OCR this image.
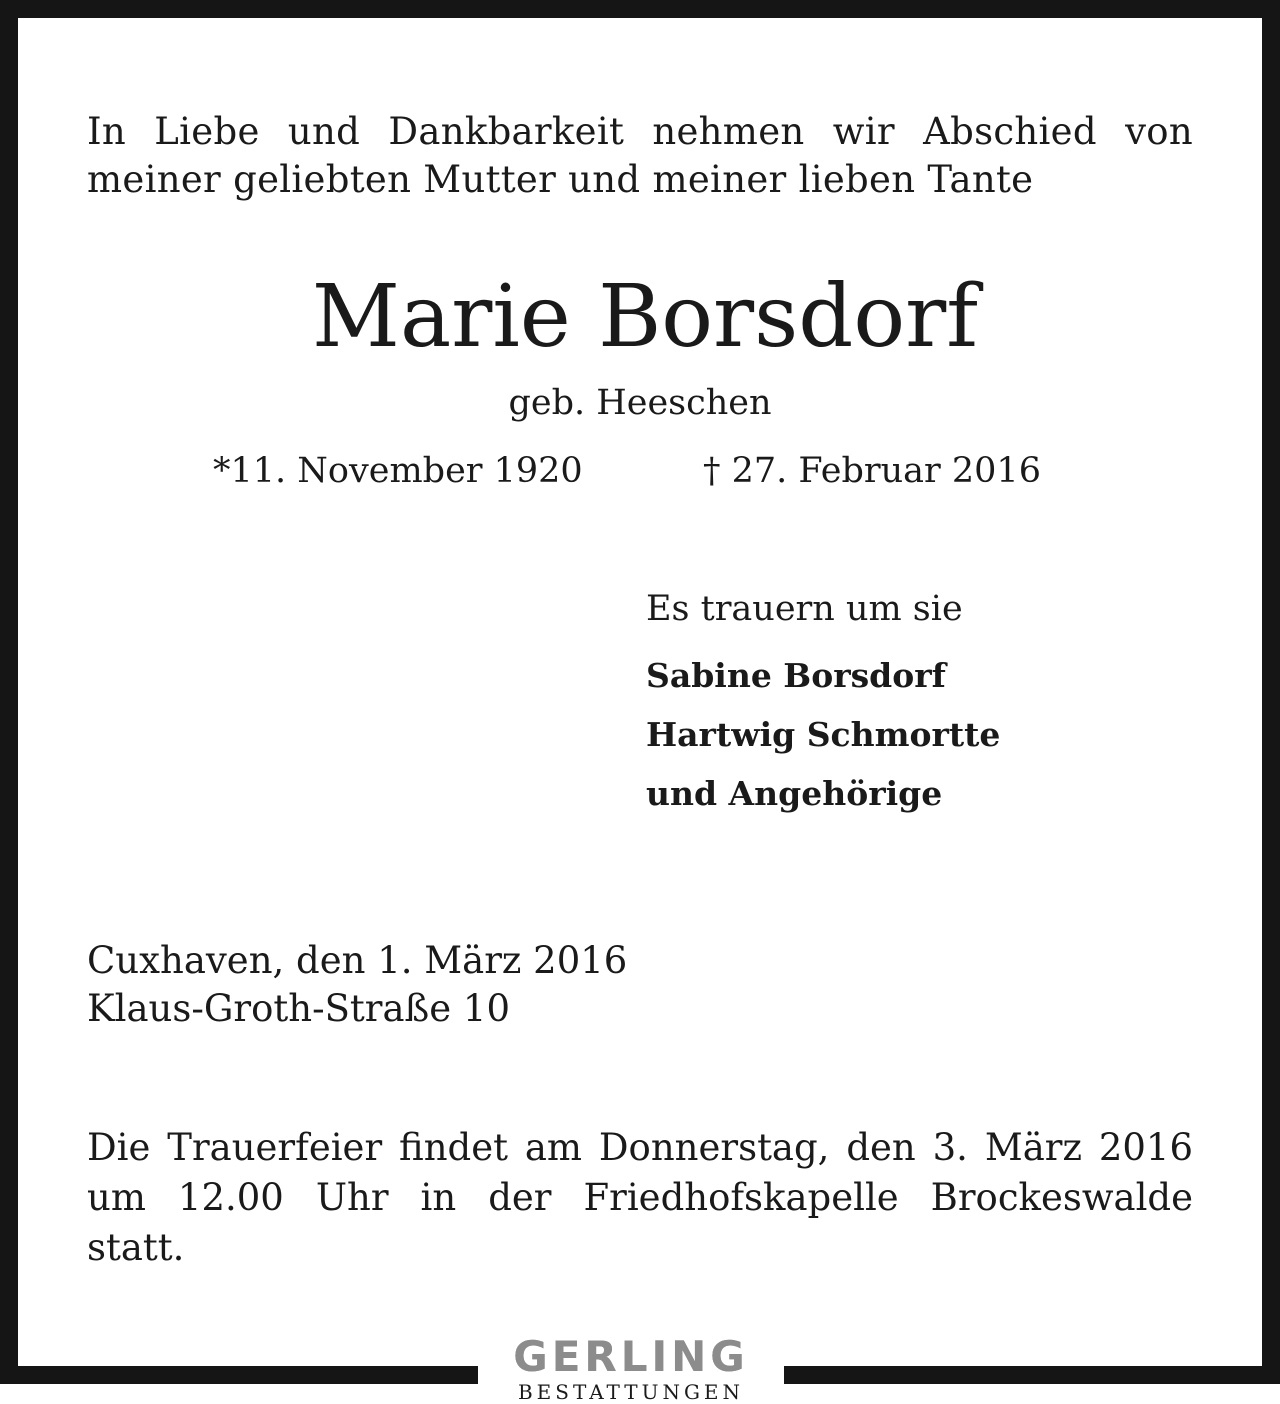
In Liebe und Dankbarkeit nehmen wir Abschied von
meiner geliebten Mutter und meiner lieben Tante
Marie Borsdorf
geb. Heeschen
*11. November 1920	† 27. Februar 2016
Es trauern um sie
Sabine Borsdorf
Hartwig Schmortte
und Angehörige
Cuxhaven, den 1. März 2016
Klaus-Groth-Straße 10
Die Trauerfeier findet am Donnerstag, den 3. März 2016
um 12.00 Uhr in der Friedhofskapelle Brockeswalde
statt.
GERLING
BESTATTUNGEN
